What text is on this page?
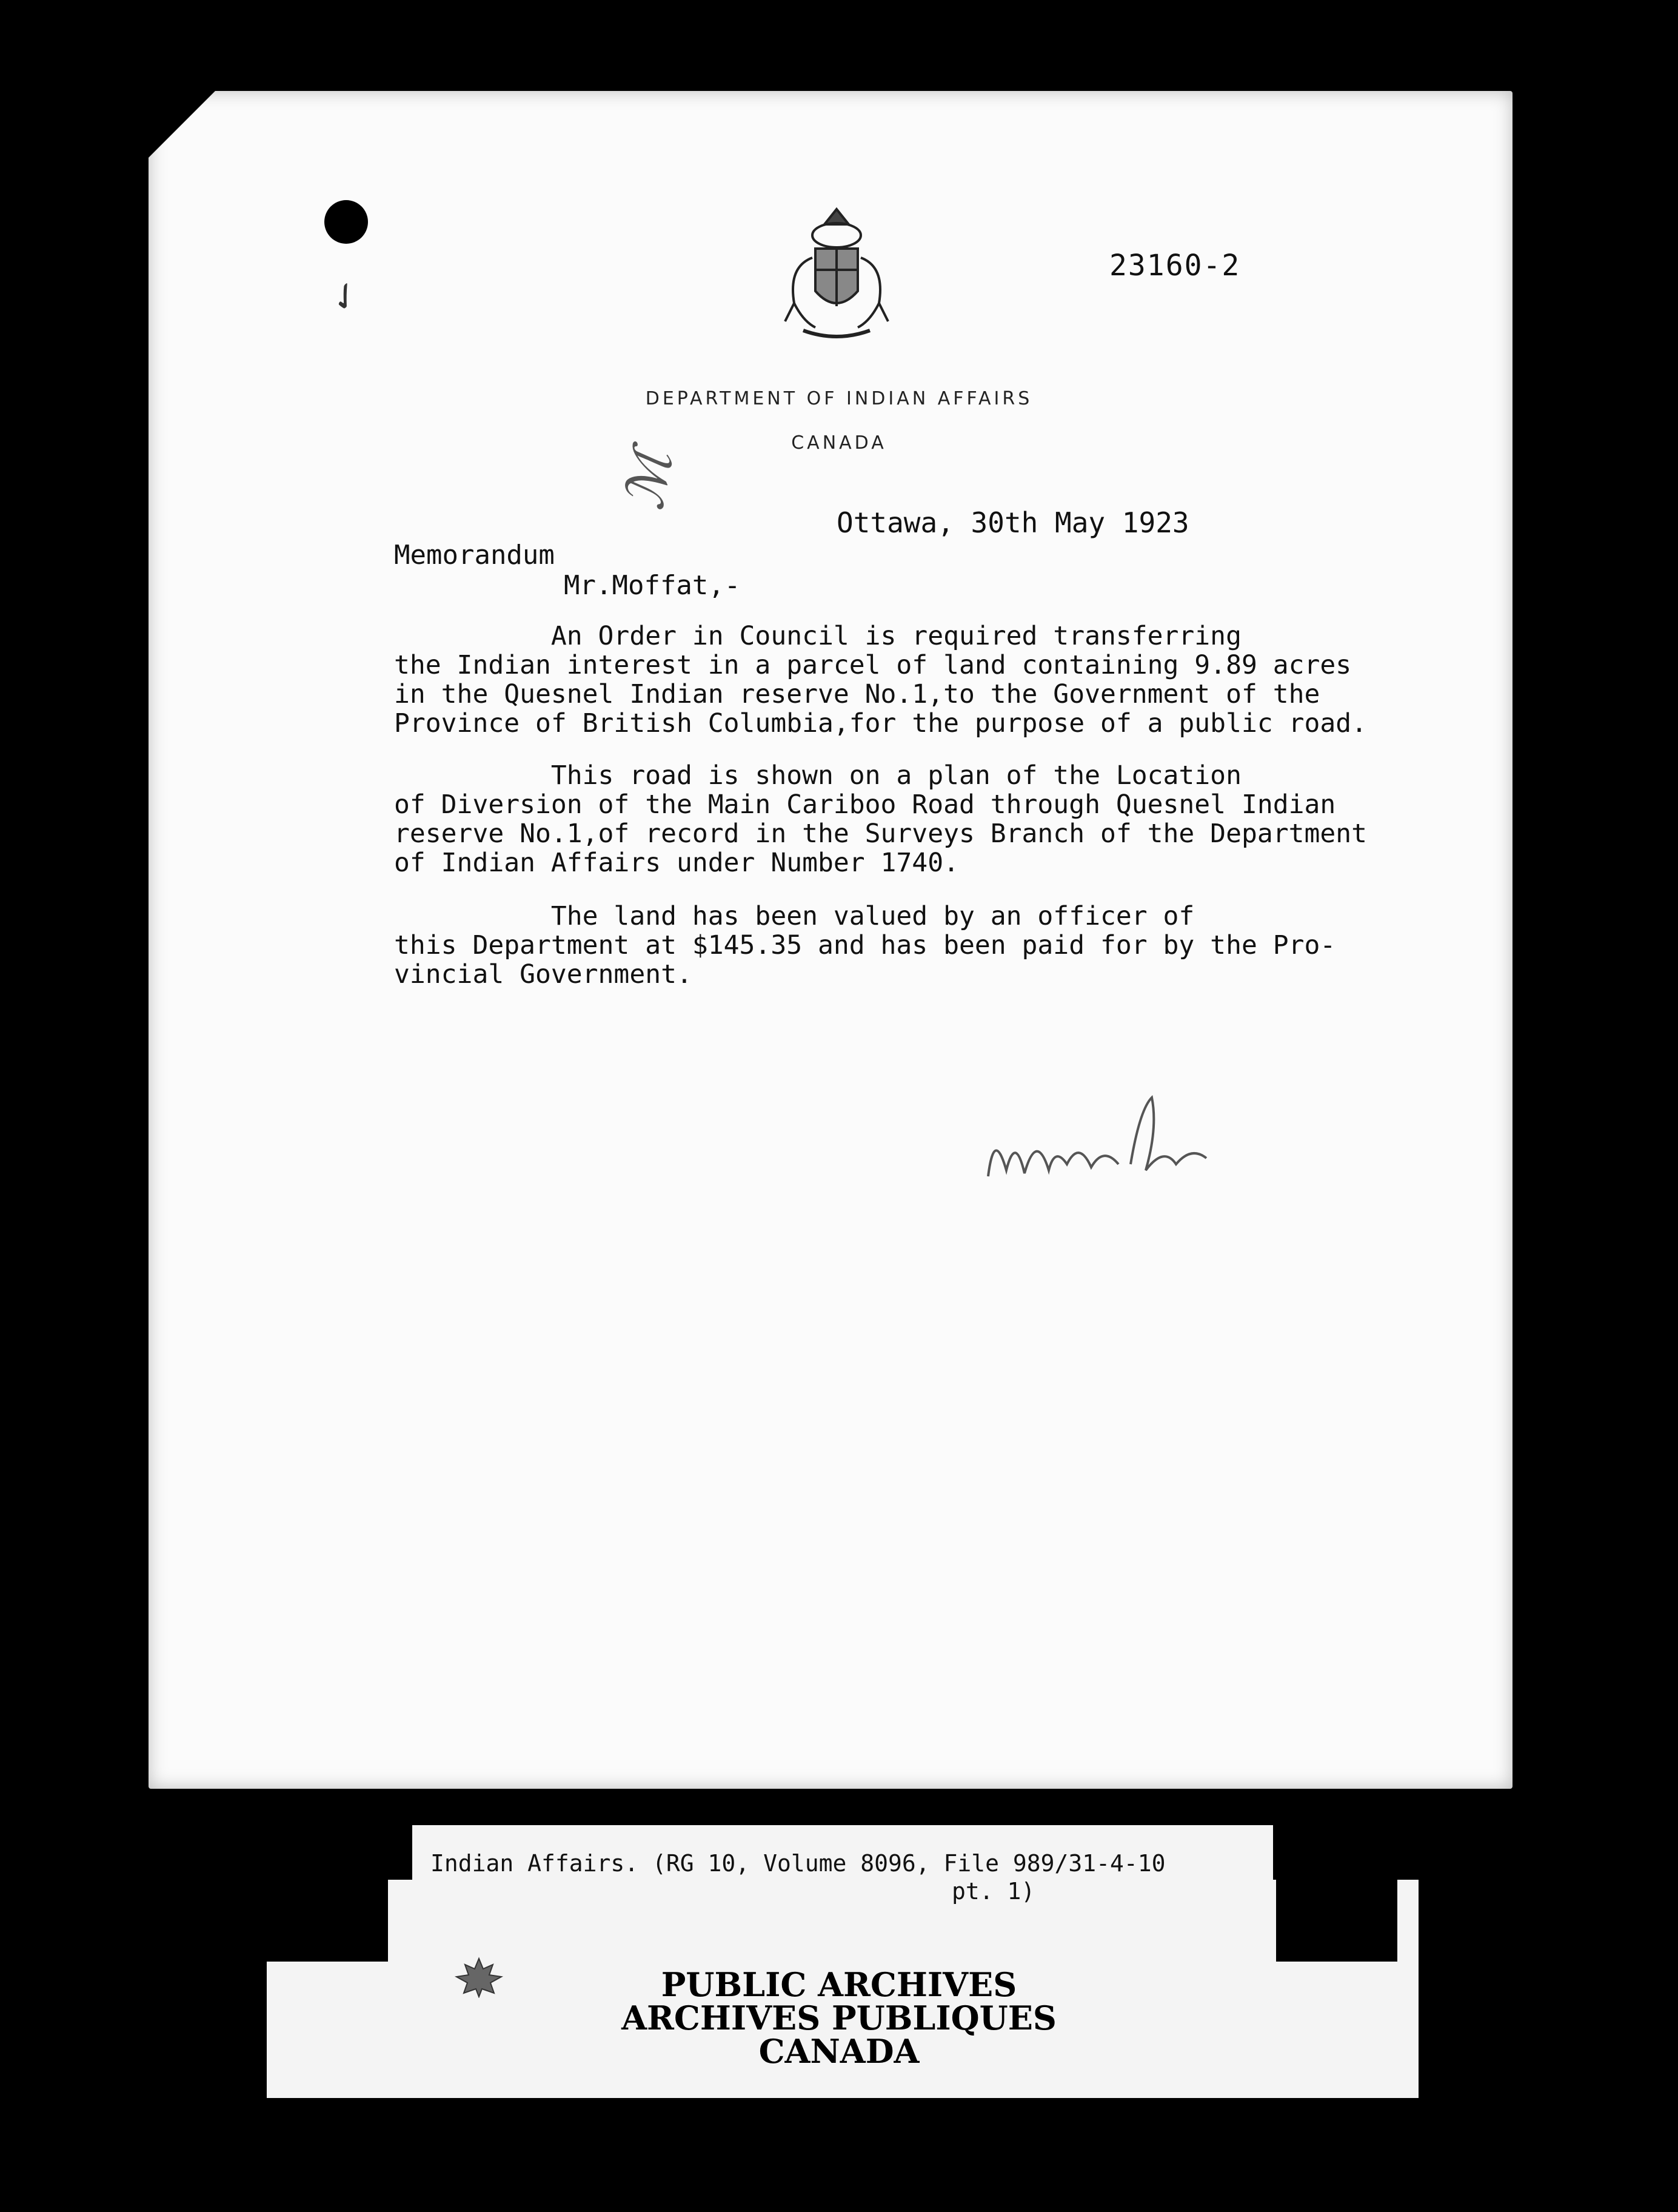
✓
23160-2
DEPARTMENT OF INDIAN AFFAIRS
CANADA
Ottawa, 30th May 1923
ℳ
Memorandum
Mr.Moffat,-

An Order in Council is required transferring
the Indian interest in a parcel of land containing 9.89 acres
in the Quesnel Indian reserve No.1,to the Government of the
Province of British Columbia,for the purpose of a public road.

This road is shown on a plan of the Location
of Diversion of the Main Cariboo Road through Quesnel Indian
reserve No.1,of record in the Surveys Branch of the Department
of Indian Affairs under Number 1740.

The land has been valued by an officer of
this Department at $145.35 and has been paid for by the Pro-
vincial Government.

Indian Affairs. (RG 10, Volume 8096, File 989/31-4-10
pt. 1)
PUBLIC ARCHIVES
ARCHIVES PUBLIQUES
CANADA
